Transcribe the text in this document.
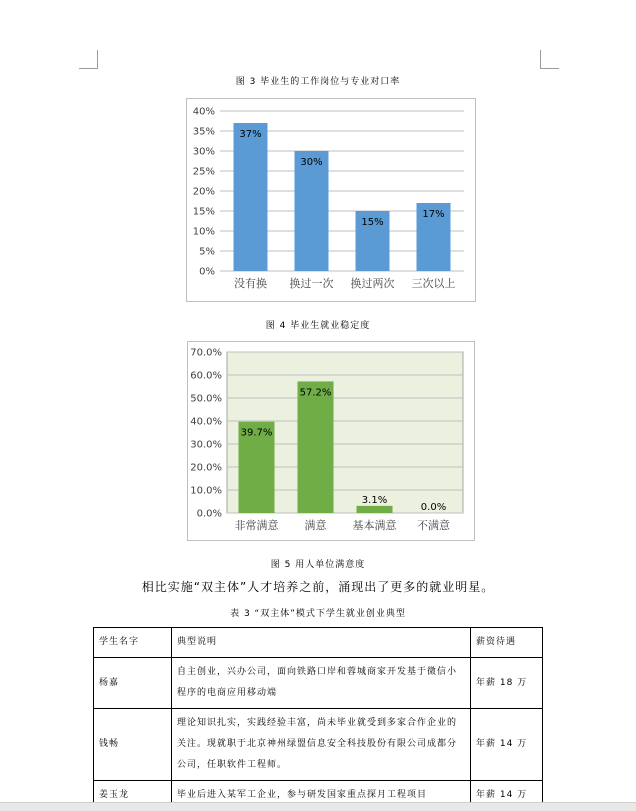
图 3 毕业生的工作岗位与专业对口率
0%
5%
10%
15%
20%
25%
30%
35%
40%
37%
没有换
30%
换过一次
15%
换过两次
17%
三次以上
图 4 毕业生就业稳定度
0.0%
10.0%
20.0%
30.0%
40.0%
50.0%
60.0%
70.0%
39.7%
非常满意
57.2%
满意
3.1%
基本满意
0.0%
不满意
图 5 用人单位满意度
相比实施“双主体”人才培养之前，涌现出了更多的就业明星。
表 3 “双主体”模式下学生就业创业典型
学生名字	典型说明	薪资待遇
杨嘉	自主创业，兴办公司，面向铁路口岸和蓉城商家开发基于微信小程序的电商应用移动端	年薪 18 万
钱畅	理论知识扎实，实践经验丰富，尚未毕业就受到多家合作企业的关注。现就职于北京神州绿盟信息安全科技股份有限公司成都分公司，任职软件工程师。	年薪 14 万
姜玉龙	毕业后进入某军工企业，参与研发国家重点探月工程项目	年薪 14 万
